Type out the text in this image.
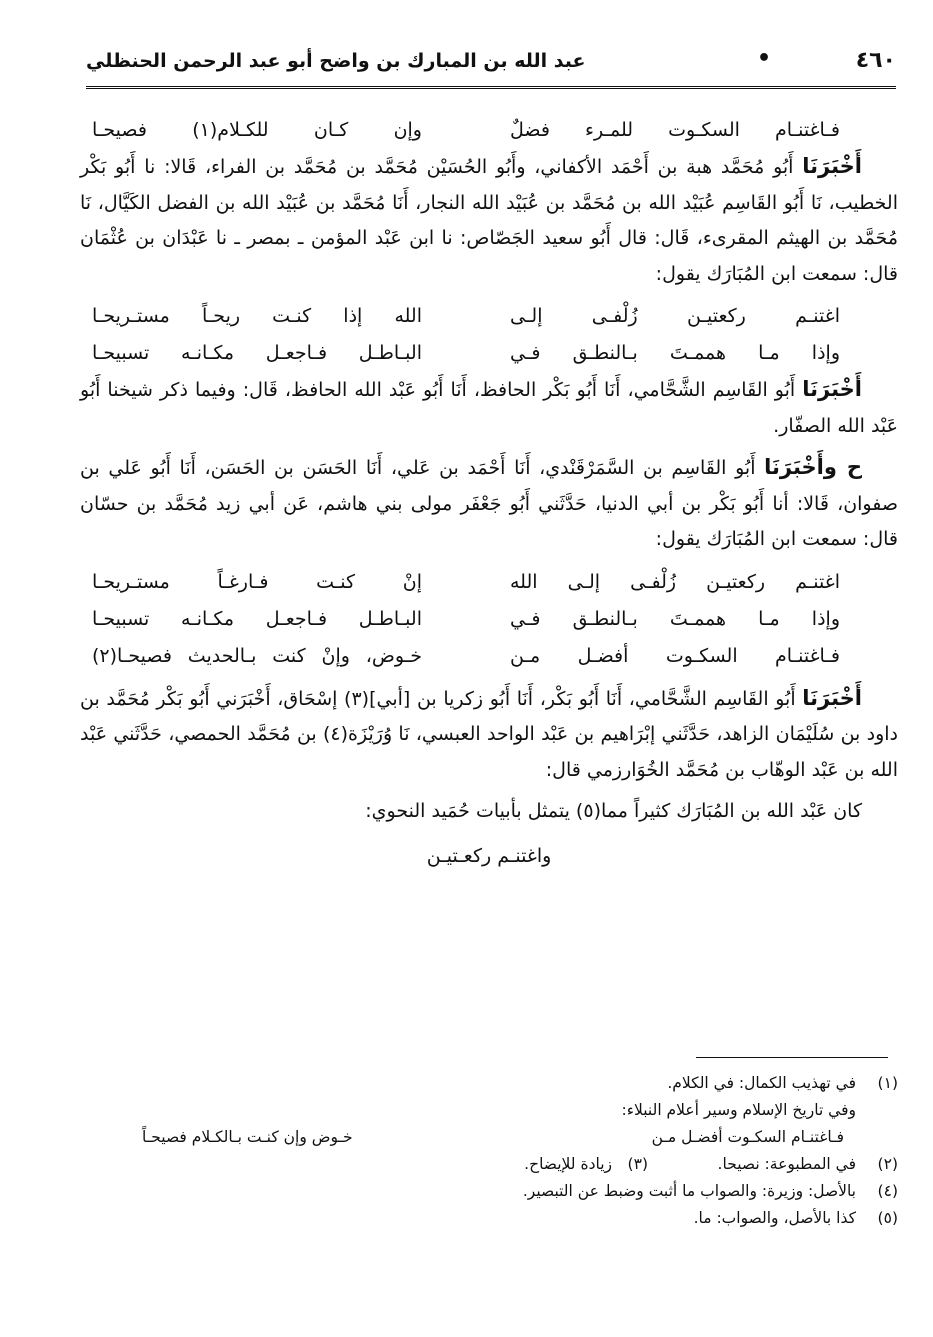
٤٦٠
•
عبد الله بن المبارك بن واضح أبو عبد الرحمن الحنظلي
فـاغتنـام السكـوت للمـرء فضلٌ
وإن كـان للكـلام(١) فصيحـا

أَخْبَرَنَا أَبُو مُحَمَّد هبة بن أَحْمَد الأكفاني، وأَبُو الحُسَيْن مُحَمَّد بن مُحَمَّد بن الفراء، قَالا: نا أَبُو بَكْر الخطيب، نَا أَبُو القَاسِم عُبَيْد الله بن مُحَمَّد بن عُبَيْد الله النجار، أَنَا مُحَمَّد بن عُبَيْد الله بن الفضل الكَيَّال، نَا مُحَمَّد بن الهيثم المقرىء، قَال: قال أَبُو سعيد الجَصّاص: نا ابن عَبْد المؤمن ـ بمصر ـ نا عَبْدَان بن عُثْمَان قال: سمعت ابن المُبَارَك يقول:

اغتنـم ركعتيـن زُلْفـى إلـى
الله إذا كنـت ريحـاً مستـريحـا
وإذا مـا هممـتَ بـالنطـق فـي
البـاطـل فـاجعـل مكـانـه تسبيحـا

أَخْبَرَنَا أَبُو القَاسِم الشَّحَّامي، أَنَا أَبُو بَكْر الحافظ، أَنَا أَبُو عَبْد الله الحافظ، قَال: وفيما ذكر شيخنا أَبُو عَبْد الله الصفّار.

ح وأَخْبَرَنَا أَبُو القَاسِم بن السَّمَرْقَنْدي، أَنَا أَحْمَد بن عَلي، أَنَا الحَسَن بن الحَسَن، أَنَا أَبُو عَلي بن صفوان، قَالا: أنا أَبُو بَكْر بن أبي الدنيا، حَدَّثَني أَبُو جَعْفَر مولى بني هاشم، عَن أبي زيد مُحَمَّد بن حسّان قال: سمعت ابن المُبَارَك يقول:

اغتنـم ركعتيـن زُلْفـى إلـى الله
إنْ كنـت فـارغـاً مستـريحـا
وإذا مـا هممـتَ بـالنطـق فـي
البـاطـل فـاجعـل مكـانـه تسبيحـا
فـاغتنـام السكـوت أفضـل مـن
خـوض، وإنْ كنت بـالحديث فصيحـا(٢)

أَخْبَرَنَا أَبُو القَاسِم الشَّحَّامي، أَنَا أَبُو بَكْر، أَنَا أَبُو زكريا بن [أبي](٣) إسْحَاق، أَخْبَرَني أَبُو بَكْر مُحَمَّد بن داود بن سُلَيْمَان الزاهد، حَدَّثَني إبْرَاهيم بن عَبْد الواحد العبسي، نَا وُرَيْزَة(٤) بن مُحَمَّد الحمصي، حَدَّثَني عَبْد الله بن عَبْد الوهّاب بن مُحَمَّد الخُوَارزمي قال:

كان عَبْد الله بن المُبَارَك كثيراً مما(٥) يتمثل بأبيات حُمَيد النحوي:

واغتنـم ركعـتيـن
(١)
في تهذيب الكمال: في الكلام.
وفي تاريخ الإسلام وسير أعلام النبلاء:
فـاغتنـام السكـوت أفضـل مـن
خـوض وإن كنـت بـالكـلام فصيحـاً
(٢)
في المطبوعة: نصيحا.
(٣)
زيادة للإيضاح.
(٤)
بالأصل: وزيرة: والصواب ما أثبت وضبط عن التبصير.
(٥)
كذا بالأصل، والصواب: ما.
